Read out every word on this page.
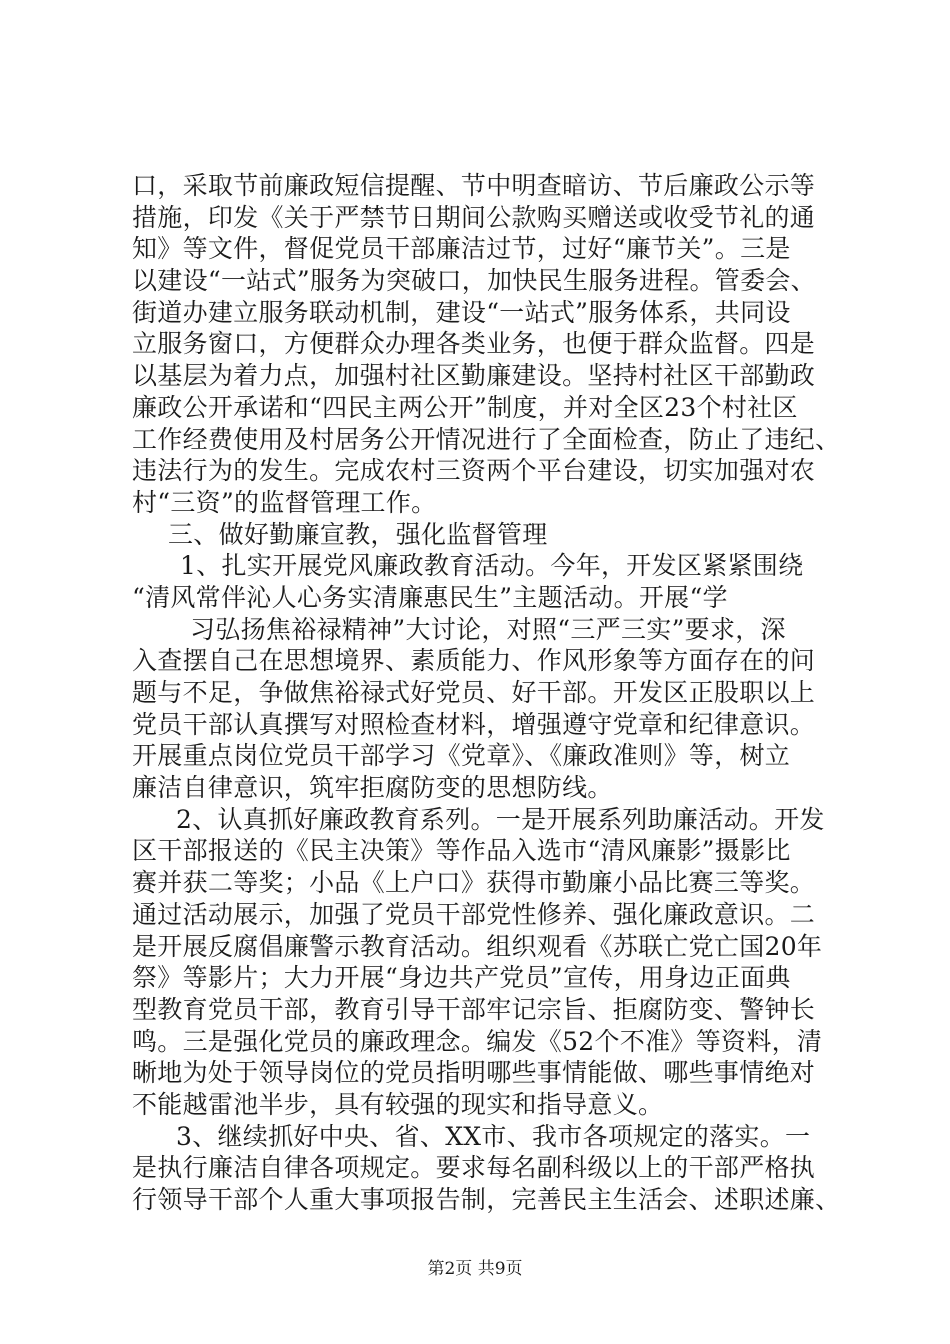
口，采取节前廉政短信提醒、节中明查暗访、节后廉政公示等
措施，印发《关于严禁节日期间公款购买赠送或收受节礼的通
知》等文件，督促党员干部廉洁过节，过好“廉节关”。三是
以建设“一站式”服务为突破口，加快民生服务进程。管委会、
街道办建立服务联动机制，建设“一站式”服务体系，共同设
立服务窗口，方便群众办理各类业务，也便于群众监督。四是
以基层为着力点，加强村社区勤廉建设。坚持村社区干部勤政
廉政公开承诺和“四民主两公开”制度，并对全区23个村社区
工作经费使用及村居务公开情况进行了全面检查，防止了违纪、
违法行为的发生。完成农村三资两个平台建设，切实加强对农
村“三资”的监督管理工作。
三、做好勤廉宣教，强化监督管理
1、扎实开展党风廉政教育活动。今年，开发区紧紧围绕
“清风常伴沁人心务实清廉惠民生”主题活动。开展“学
习弘扬焦裕禄精神”大讨论，对照“三严三实”要求，深
入查摆自己在思想境界、素质能力、作风形象等方面存在的问
题与不足，争做焦裕禄式好党员、好干部。开发区正股职以上
党员干部认真撰写对照检查材料，增强遵守党章和纪律意识。
开展重点岗位党员干部学习《党章》、《廉政准则》等，树立
廉洁自律意识，筑牢拒腐防变的思想防线。
2、认真抓好廉政教育系列。一是开展系列助廉活动。开发
区干部报送的《民主决策》等作品入选市“清风廉影”摄影比
赛并获二等奖；小品《上户口》获得市勤廉小品比赛三等奖。
通过活动展示，加强了党员干部党性修养、强化廉政意识。二
是开展反腐倡廉警示教育活动。组织观看《苏联亡党亡国20年
祭》等影片；大力开展“身边共产党员”宣传，用身边正面典
型教育党员干部，教育引导干部牢记宗旨、拒腐防变、警钟长
鸣。三是强化党员的廉政理念。编发《52个不准》等资料，清
晰地为处于领导岗位的党员指明哪些事情能做、哪些事情绝对
不能越雷池半步，具有较强的现实和指导意义。
3、继续抓好中央、省、XX市、我市各项规定的落实。一
是执行廉洁自律各项规定。要求每名副科级以上的干部严格执
行领导干部个人重大事项报告制，完善民主生活会、述职述廉、
第2页 共9页
